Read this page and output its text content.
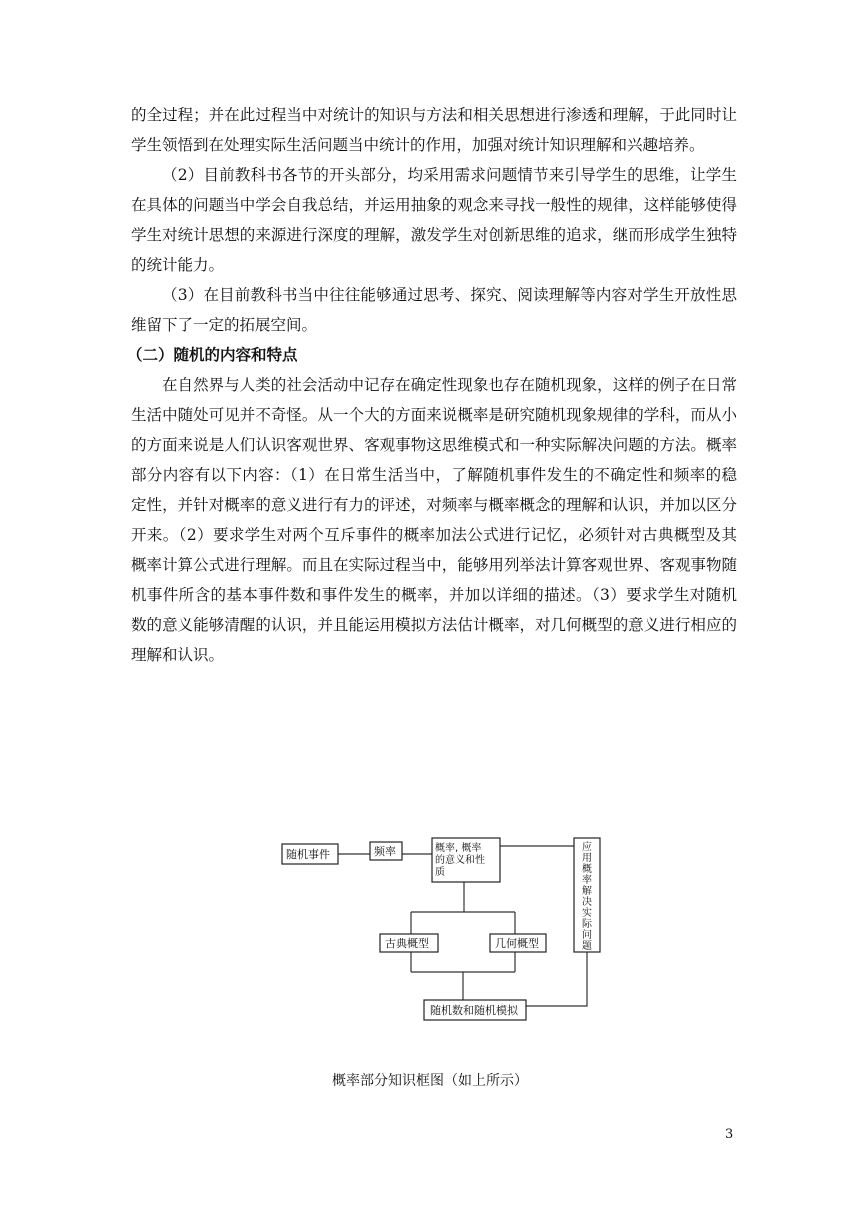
的全过程；并在此过程当中对统计的知识与方法和相关思想进行渗透和理解，于此同时让学生领悟到在处理实际生活问题当中统计的作用，加强对统计知识理解和兴趣培养。

（2）目前教科书各节的开头部分，均采用需求问题情节来引导学生的思维，让学生在具体的问题当中学会自我总结，并运用抽象的观念来寻找一般性的规律，这样能够使得学生对统计思想的来源进行深度的理解，激发学生对创新思维的追求，继而形成学生独特的统计能力。

（3）在目前教科书当中往往能够通过思考、探究、阅读理解等内容对学生开放性思维留下了一定的拓展空间。

（二）随机的内容和特点

在自然界与人类的社会活动中记存在确定性现象也存在随机现象，这样的例子在日常生活中随处可见并不奇怪。从一个大的方面来说概率是研究随机现象规律的学科，而从小的方面来说是人们认识客观世界、客观事物这思维模式和一种实际解决问题的方法。概率部分内容有以下内容：（1）在日常生活当中，了解随机事件发生的不确定性和频率的稳定性，并针对概率的意义进行有力的评述，对频率与概率概念的理解和认识，并加以区分开来。（2）要求学生对两个互斥事件的概率加法公式进行记忆，必须针对古典概型及其概率计算公式进行理解。而且在实际过程当中，能够用列举法计算客观世界、客观事物随机事件所含的基本事件数和事件发生的概率，并加以详细的描述。（3）要求学生对随机数的意义能够清醒的认识，并且能运用模拟方法估计概率，对几何概型的意义进行相应的理解和认识。

随机事件	频率	概率, 概率
的意义和性
质
古典概型	几何概型
随机数和随机模拟
应
用
概
率
解
决
实
际
问
题
概率部分知识框图（如上所示）
3
